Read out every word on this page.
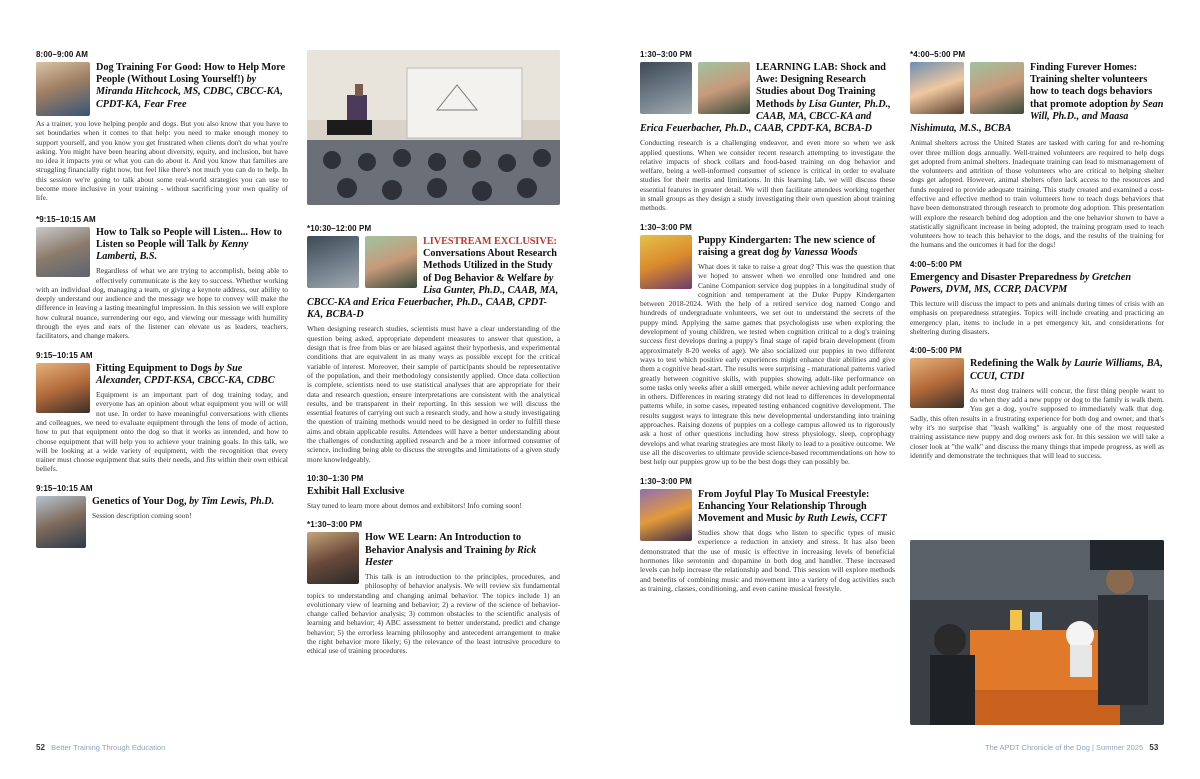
8:00–9:00 AM
Dog Training For Good: How to Help More People (Without Losing Yourself!) by Miranda Hitchcock, MS, CDBC, CBCC-KA, CPDT-KA, Fear Free
As a trainer, you love helping people and dogs. But you also know that you have to set boundaries when it comes to that help: you need to make enough money to support yourself, and you know you get frustrated when clients don't do what you're asking. You might have been hearing about diversity, equity, and inclusion, but have no idea it impacts you or what you can do about it. And you know that families are struggling financially right now, but feel like there's not much you can do to help. In this session we're going to talk about some real-world strategies you can use to become more inclusive in your training - without sacrificing your own quality of life.
*9:15–10:15 AM
How to Talk so People will Listen... How to Listen so People will Talk by Kenny Lamberti, B.S.
Regardless of what we are trying to accomplish, being able to effectively communicate is the key to success. Whether working with an individual dog, managing a team, or giving a keynote address, our ability to deeply understand our audience and the message we hope to convey will make the difference in leaving a lasting meaningful impression. In this session we will explore how cultural nuance, surrendering our ego, and viewing our message with humility through the eyes and ears of the listener can elevate us as leaders, teachers, facilitators, and change makers.
9:15–10:15 AM
Fitting Equipment to Dogs by Sue Alexander, CPDT-KSA, CBCC-KA, CDBC
Equipment is an important part of dog training today, and everyone has an opinion about what equipment you will or will not use. In order to have meaningful conversations with clients and colleagues, we need to evaluate equipment through the lens of mode of action, how to put that equipment onto the dog so that it works as intended, and how to choose equipment that will help you to achieve your training goals. In this talk, we will be looking at a wide variety of equipment, with the recognition that every trainer must choose equipment that suits their needs, and fits within their own ethical beliefs.
9:15–10:15 AM
Genetics of Your Dog, by Tim Lewis, Ph.D.
Session description coming soon!
*10:30–12:00 PM
LIVESTREAM EXCLUSIVE:
Conversations About Research Methods Utilized in the Study of Dog Behavior & Welfare by Lisa Gunter, Ph.D., CAAB, MA, CBCC-KA and Erica Feuerbacher, Ph.D., CAAB, CPDT-KA, BCBA-D
When designing research studies, scientists must have a clear understanding of the question being asked, appropriate dependent measures to answer that question, a design that is free from bias or are biased against their hypothesis, and experimental conditions that are equivalent in as many ways as possible except for the critical variable of interest. Moreover, their sample of participants should be representative of the population, and their methodology consistently applied. Once data collection is complete, scientists need to use statistical analyses that are appropriate for their data and research question, ensure interpretations are consistent with the analytical results, and be transparent in their reporting. In this session we will discuss the essential features of carrying out such a research study, and how a study investigating the question of training methods would need to be designed in order to fulfill these aims and obtain applicable results. Attendees will have a better understanding about the challenges of conducting applied research and be a more informed consumer of science, including being able to discuss the strengths and limitations of a given study more knowledgeably.
10:30–1:30 PM
Exhibit Hall Exclusive
Stay tuned to learn more about demos and exhibitors! Info coming soon!
*1:30–3:00 PM
How WE Learn: An Introduction to Behavior Analysis and Training by Rick Hester
This talk is an introduction to the principles, procedures, and philosophy of behavior analysis. We will review six fundamental topics to understanding and changing animal behavior. The topics include 1) an evolutionary view of learning and behavior; 2) a review of the science of behavior-change called behavior analysis; 3) common obstacles to the scientific analysis of learning and behavior; 4) ABC assessment to better understand, predict and change behavior; 5) the errorless learning philosophy and antecedent arrangement to make the right behavior more likely; 6) the relevance of the least intrusive procedure to ethical use of training procedures.
1:30–3:00 PM
LEARNING LAB: Shock and Awe: Designing Research Studies about Dog Training Methods by Lisa Gunter, Ph.D., CAAB, MA, CBCC-KA and Erica Feuerbacher, Ph.D., CAAB, CPDT-KA, BCBA-D
Conducting research is a challenging endeavor, and even more so when we ask applied questions. When we consider recent research attempting to investigate the relative impacts of shock collars and food-based training on dog behavior and welfare, being a well-informed consumer of science is critical in order to evaluate studies for their merits and limitations. In this learning lab, we will discuss these essential features in greater detail. We will then facilitate attendees working together in small groups as they design a study investigating their own question about training methods.
1:30–3:00 PM
Puppy Kindergarten: The new science of raising a great dog by Vanessa Woods
What does it take to raise a great dog? This was the question that we hoped to answer when we enrolled one hundred and one Canine Companion service dog puppies in a longitudinal study of cognition and temperament at the Duke Puppy Kindergarten between 2018-2024. With the help of a retired service dog named Congo and hundreds of undergraduate volunteers, we set out to understand the secrets of the puppy mind. Applying the same games that psychologists use when exploring the development of young children, we tested when cognition critical to a dog's training success first develops during a puppy's final stage of rapid brain development (from approximately 8-20 weeks of age). We also socialized our puppies in two different ways to test which positive early experiences might enhance their abilities and give them a cognitive head-start. The results were surprising - maturational patterns varied greatly between cognitive skills, with puppies showing adult-like performance on some tasks only weeks after a skill emerged, while never achieving adult performance in others. Differences in rearing strategy did not lead to differences in developmental patterns while, in some cases, repeated testing enhanced cognitive development. The results suggest ways to integrate this new developmental understanding into training approaches. Raising dozens of puppies on a college campus allowed us to rigorously ask a host of other questions including how stress physiology, sleep, coprophagy develops and what rearing strategies are most likely to lead to a positive outcome. We use all the discoveries to ultimate provide science-based recommendations on how to best help our puppies grow up to be the best dogs they can possibly be.
1:30–3:00 PM
From Joyful Play To Musical Freestyle: Enhancing Your Relationship Through Movement and Music by Ruth Lewis, CCFT
Studies show that dogs who listen to specific types of music experience a reduction in anxiety and stress. It has also been demonstrated that the use of music is effective in increasing levels of beneficial hormones like serotonin and dopamine in both dog and handler. These increased levels can help increase the relationship and bond. This session will explore methods and benefits of combining music and movement into a variety of dog activities such as training, classes, conditioning, and even canine musical freestyle.
*4:00–5:00 PM
Finding Furever Homes: Training shelter volunteers how to teach dogs behaviors that promote adoption by Sean Will, Ph.D., and Maasa Nishimuta, M.S., BCBA
Animal shelters across the United States are tasked with caring for and re-homing over three million dogs annually. Well-trained volunteers are required to help dogs get adopted from animal shelters. Inadequate training can lead to mismanagement of the volunteers and attrition of those volunteers who are critical to helping shelter dogs get adopted. However, animal shelters often lack access to the resources and funds required to provide adequate training. This study created and examined a cost-effective and effective method to train volunteers how to teach dogs behaviors that have been demonstrated through research to promote dog adoption. This presentation will explore the research behind dog adoption and the one behavior shown to have a statistically significant increase in being adopted, the training program used to teach volunteers how to teach this behavior to the dogs, and the results of the training for the humans and the outcomes it had for the dogs!
4:00–5:00 PM
Emergency and Disaster Preparedness by Gretchen Powers, DVM, MS, CCRP, DACVPM
This lecture will discuss the impact to pets and animals during times of crisis with an emphasis on preparedness strategies. Topics will include creating and practicing an emergency plan, items to include in a pet emergency kit, and considerations for sheltering during disasters.
4:00–5:00 PM
Redefining the Walk by Laurie Williams, BA, CCUI, CTDI
As most dog trainers will concur, the first thing people want to do when they add a new puppy or dog to the family is walk them. You get a dog, you're supposed to immediately walk that dog. Sadly, this often results in a frustrating experience for both dog and owner, and that's why it's no surprise that "leash walking" is arguably one of the most requested training assistance new puppy and dog owners ask for. In this session we will take a closer look at "the walk" and discuss the many things that impede progress, as well as identify and demonstrate the techniques that will lead to success.
52 Better Training Through Education	The APDT Chronicle of the Dog | Summer 2025 53
